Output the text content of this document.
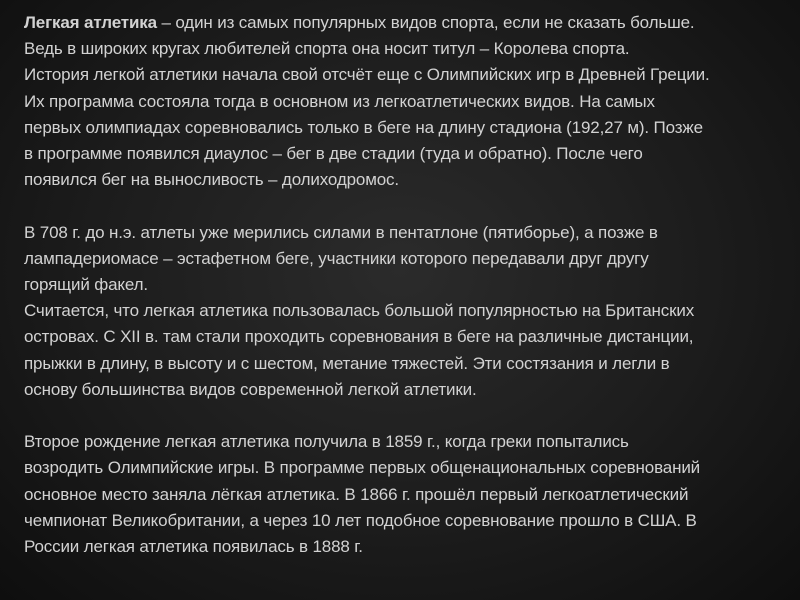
Легкая атлетика – один из самых популярных видов спорта, если не сказать больше.
Ведь в широких кругах любителей спорта она носит титул – Королева спорта.
История легкой атлетики начала свой отсчёт еще с Олимпийских игр в Древней Греции.
Их программа состояла тогда в основном из легкоатлетических видов. На самых
первых олимпиадах соревновались только в беге на длину стадиона (192,27 м). Позже
в программе появился диаулос – бег в две стадии (туда и обратно). После чего
появился бег на выносливость – долиходромос.

В 708 г. до н.э. атлеты уже мерились силами в пентатлоне (пятиборье), а позже в
лампадериомасе – эстафетном беге, участники которого передавали друг другу
горящий факел.

Считается, что легкая атлетика пользовалась большой популярностью на Британских
островах. С XII в. там стали проходить соревнования в беге на различные дистанции,
прыжки в длину, в высоту и с шестом, метание тяжестей. Эти состязания и легли в
основу большинства видов современной легкой атлетики.

Второе рождение легкая атлетика получила в 1859 г., когда греки попытались
возродить Олимпийские игры. В программе первых общенациональных соревнований
основное место заняла лёгкая атлетика. В 1866 г. прошёл первый легкоатлетический
чемпионат Великобритании, а через 10 лет подобное соревнование прошло в США. В
России легкая атлетика появилась в 1888 г.
